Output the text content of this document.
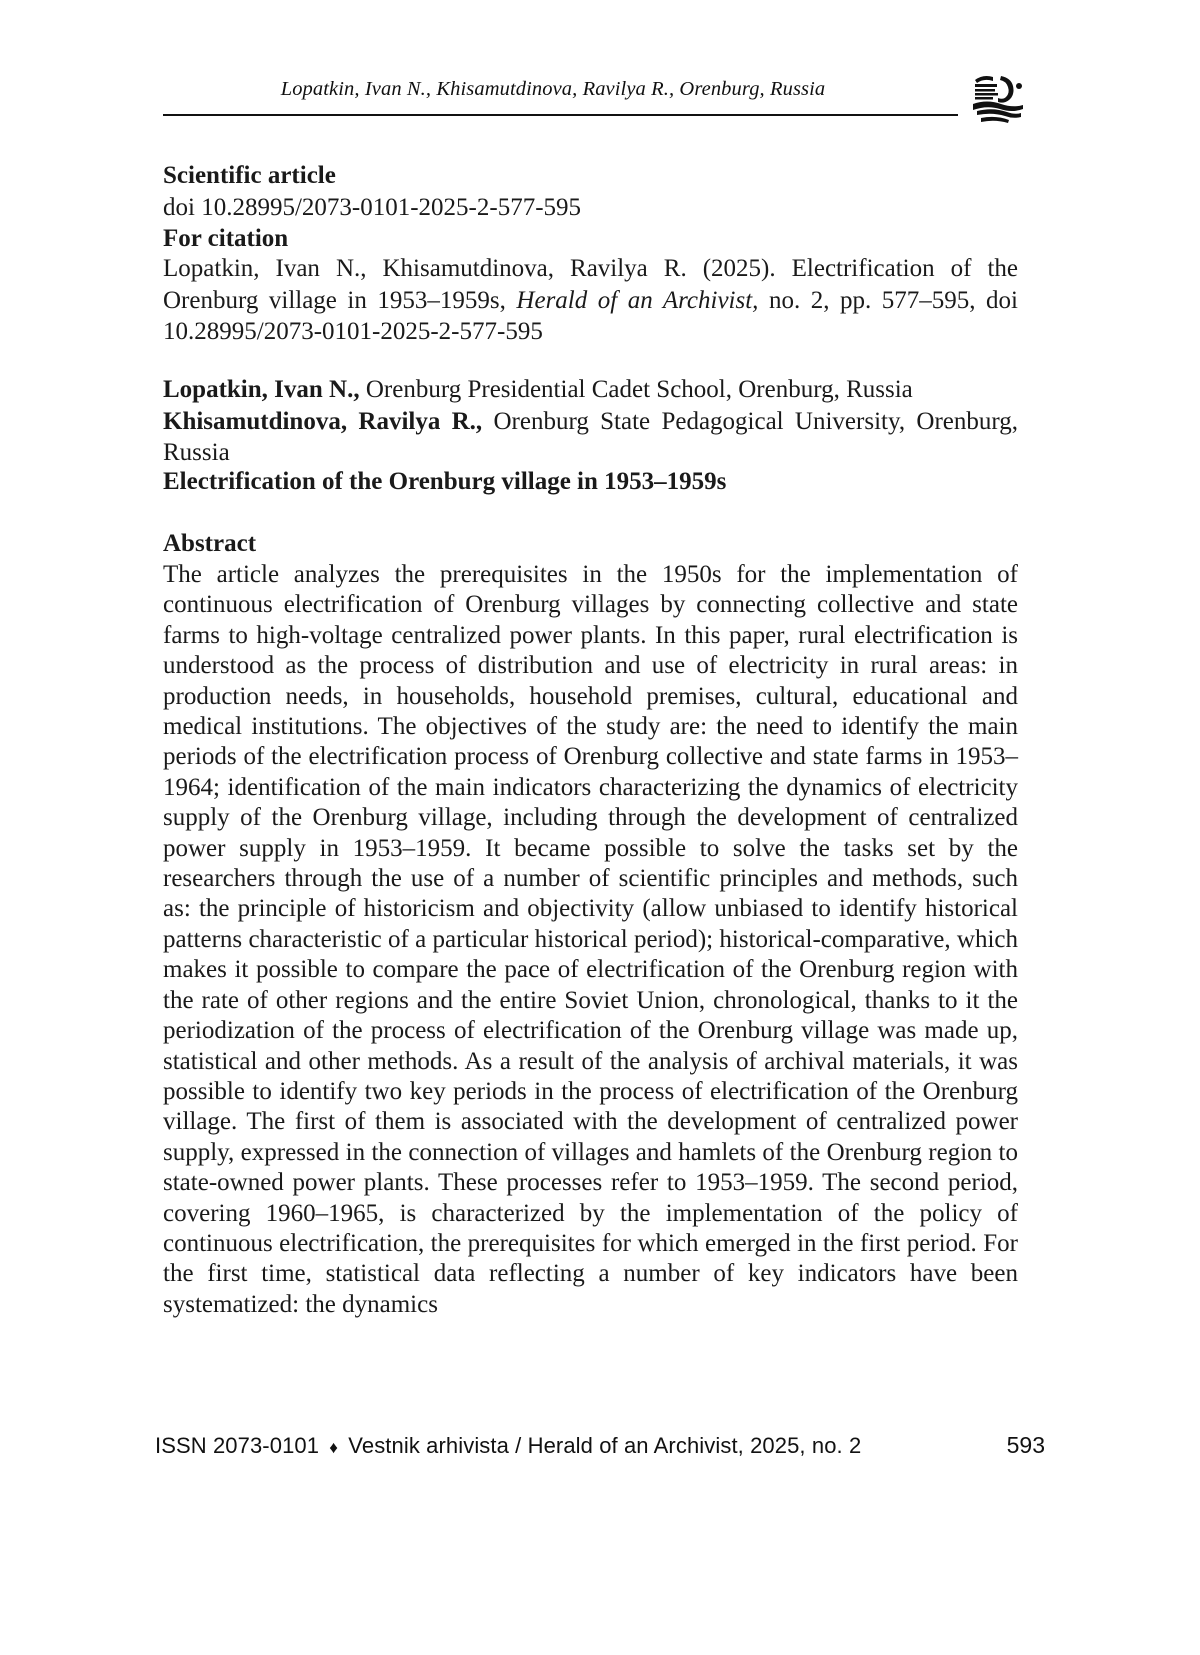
Lopatkin, Ivan N., Khisamutdinova, Ravilya R., Orenburg, Russia
Scientific article
doi 10.28995/2073-0101-2025-2-577-595
For citation
Lopatkin, Ivan N., Khisamutdinova, Ravilya R. (2025). Electrification of the Orenburg village in 1953–1959s, Herald of an Archivist, no. 2, pp. 577–595, doi 10.28995/2073-0101-2025-2-577-595
Lopatkin, Ivan N., Orenburg Presidential Cadet School, Orenburg, Russia
Khisamutdinova, Ravilya R., Orenburg State Pedagogical University, Orenburg, Russia
Electrification of the Orenburg village in 1953–1959s
Abstract
The article analyzes the prerequisites in the 1950s for the implementation of continuous electrification of Orenburg villages by connecting collective and state farms to high-voltage centralized power plants. In this paper, rural electrification is understood as the process of distribution and use of electricity in rural areas: in production needs, in households, household premises, cultural, educational and medical institutions. The objectives of the study are: the need to identify the main periods of the electrification process of Orenburg collective and state farms in 1953–1964; identification of the main indicators characterizing the dynamics of electricity supply of the Orenburg village, including through the development of centralized power supply in 1953–1959. It became possible to solve the tasks set by the researchers through the use of a number of scientific principles and methods, such as: the principle of historicism and objectivity (allow unbiased to identify historical patterns characteristic of a particular historical period); historical-comparative, which makes it possible to compare the pace of electrification of the Orenburg region with the rate of other regions and the entire Soviet Union, chronological, thanks to it the periodization of the process of electrification of the Orenburg village was made up, statistical and other methods. As a result of the analysis of archival materials, it was possible to identify two key periods in the process of electrification of the Orenburg village. The first of them is associated with the development of centralized power supply, expressed in the connection of villages and hamlets of the Orenburg region to state-owned power plants. These processes refer to 1953–1959. The second period, covering 1960–1965, is characterized by the implementation of the policy of continuous electrification, the prerequisites for which emerged in the first period. For the first time, statistical data reflecting a number of key indicators have been systematized: the dynamics
ISSN 2073-0101 ♦ Vestnik arhivista / Herald of an Archivist, 2025, no. 2	593
